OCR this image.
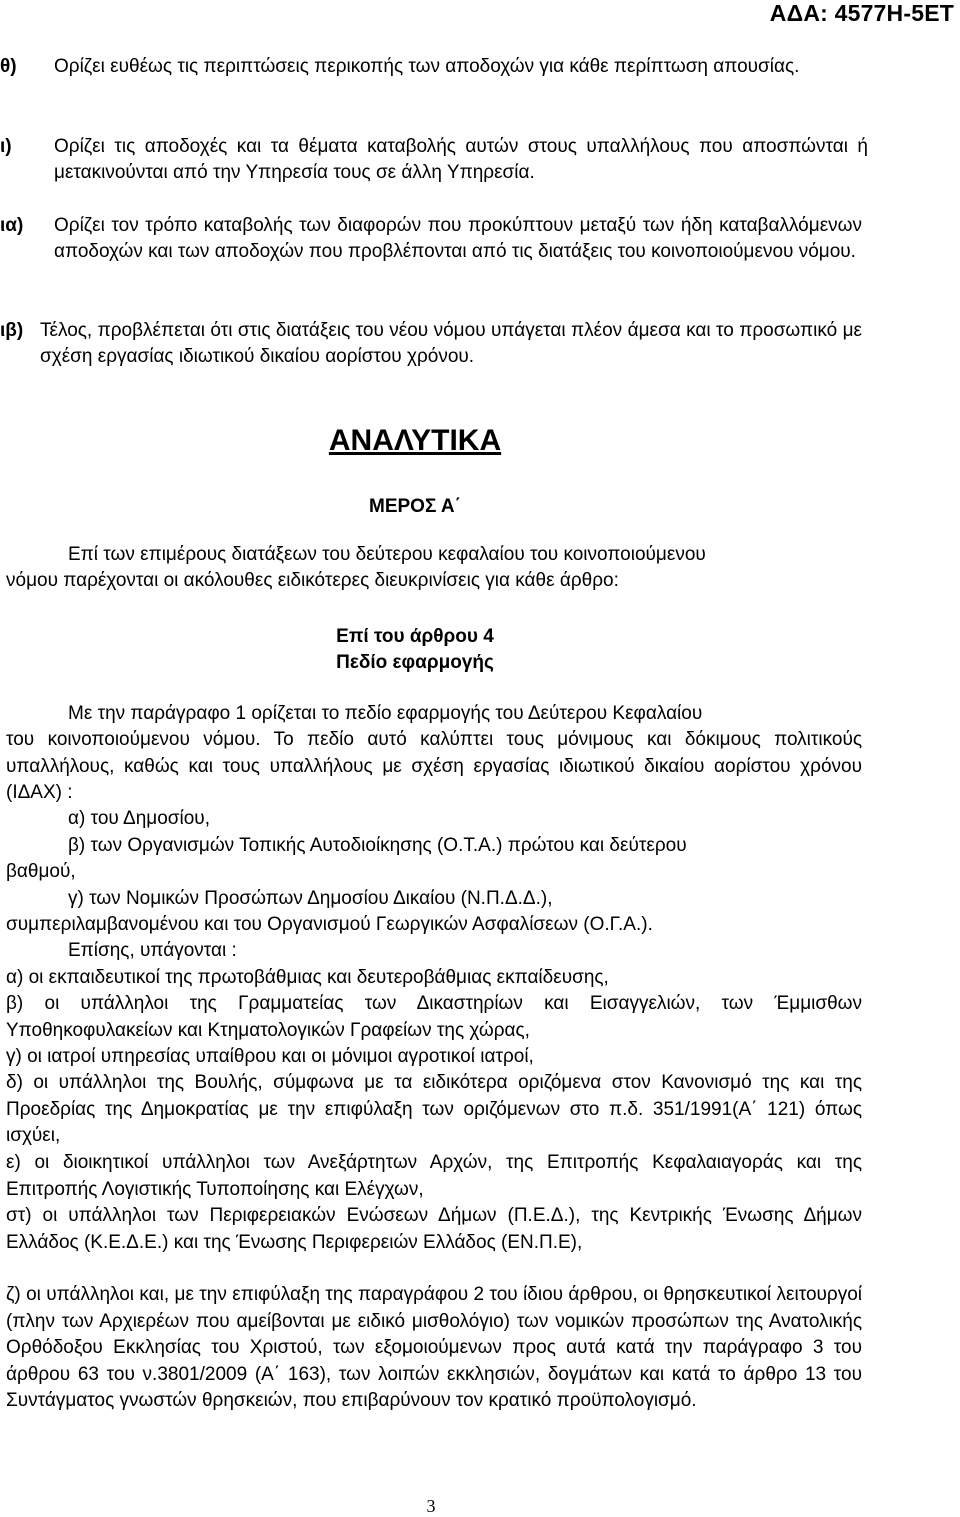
ΑΔΑ: 4577Η-5ΕΤ
θ) Ορίζει ευθέως τις περιπτώσεις περικοπής των αποδοχών για κάθε περίπτωση απουσίας.
ι) Ορίζει τις αποδοχές και τα θέματα καταβολής αυτών στους υπαλλήλους που αποσπώνται ή μετακινούνται από την Υπηρεσία τους σε άλλη Υπηρεσία.
ια) Ορίζει τον τρόπο καταβολής των διαφορών που προκύπτουν μεταξύ των ήδη καταβαλλόμενων αποδοχών και των αποδοχών που προβλέπονται από τις διατάξεις του κοινοποιούμενου νόμου.
ιβ) Τέλος, προβλέπεται ότι στις διατάξεις του νέου νόμου υπάγεται πλέον άμεσα και το προσωπικό με σχέση εργασίας ιδιωτικού δικαίου αορίστου χρόνου.
ΑΝΑΛΥΤΙΚΑ
ΜΕΡΟΣ Α΄
Επί των επιμέρους διατάξεων του δεύτερου κεφαλαίου του κοινοποιούμενου
νόμου παρέχονται οι ακόλουθες ειδικότερες διευκρινίσεις για κάθε άρθρο:
Επί του άρθρου 4
Πεδίο εφαρμογής
Με την παράγραφο 1 ορίζεται το πεδίο εφαρμογής του Δεύτερου Κεφαλαίου
του κοινοποιούμενου νόμου. Το πεδίο αυτό καλύπτει τους μόνιμους και δόκιμους πολιτικούς υπαλλήλους, καθώς και τους υπαλλήλους με σχέση εργασίας ιδιωτικού δικαίου αορίστου χρόνου (ΙΔΑΧ) :
α) του Δημοσίου,
β) των Οργανισμών Τοπικής Αυτοδιοίκησης (Ο.Τ.Α.) πρώτου και δεύτερου
βαθμού,
γ) των Νομικών Προσώπων Δημοσίου Δικαίου (Ν.Π.Δ.Δ.),
συμπεριλαμβανομένου και του Οργανισμού Γεωργικών Ασφαλίσεων (Ο.Γ.Α.).
Επίσης, υπάγονται :
α) οι εκπαιδευτικοί της πρωτοβάθμιας και δευτεροβάθμιας εκπαίδευσης,
β) οι υπάλληλοι της Γραμματείας των Δικαστηρίων και Εισαγγελιών, των Έμμισθων Υποθηκοφυλακείων και Κτηματολογικών Γραφείων της χώρας,
γ) οι ιατροί υπηρεσίας υπαίθρου και οι μόνιμοι αγροτικοί ιατροί,
δ) οι υπάλληλοι της Βουλής, σύμφωνα με τα ειδικότερα οριζόμενα στον Κανονισμό της και της Προεδρίας της Δημοκρατίας με την επιφύλαξη των οριζόμενων στο π.δ. 351/1991(Α΄ 121) όπως ισχύει,
ε) οι διοικητικοί υπάλληλοι των Ανεξάρτητων Αρχών, της Επιτροπής Κεφαλαιαγοράς και της Επιτροπής Λογιστικής Τυποποίησης και Ελέγχων,
στ) οι υπάλληλοι των Περιφερειακών Ενώσεων Δήμων (Π.Ε.Δ.), της Κεντρικής Ένωσης Δήμων Ελλάδος (Κ.Ε.Δ.Ε.) και της Ένωσης Περιφερειών Ελλάδος (ΕΝ.Π.Ε),
ζ) οι υπάλληλοι και, με την επιφύλαξη της παραγράφου 2 του ίδιου άρθρου, οι θρησκευτικοί λειτουργοί (πλην των Αρχιερέων που αμείβονται με ειδικό μισθολόγιο) των νομικών προσώπων της Ανατολικής Ορθόδοξου Εκκλησίας του Χριστού, των εξομοιούμενων προς αυτά κατά την παράγραφο 3 του άρθρου 63 του ν.3801/2009 (Α΄ 163), των λοιπών εκκλησιών, δογμάτων και κατά το άρθρο 13 του Συντάγματος γνωστών θρησκειών, που επιβαρύνουν τον κρατικό προϋπολογισμό.
3
